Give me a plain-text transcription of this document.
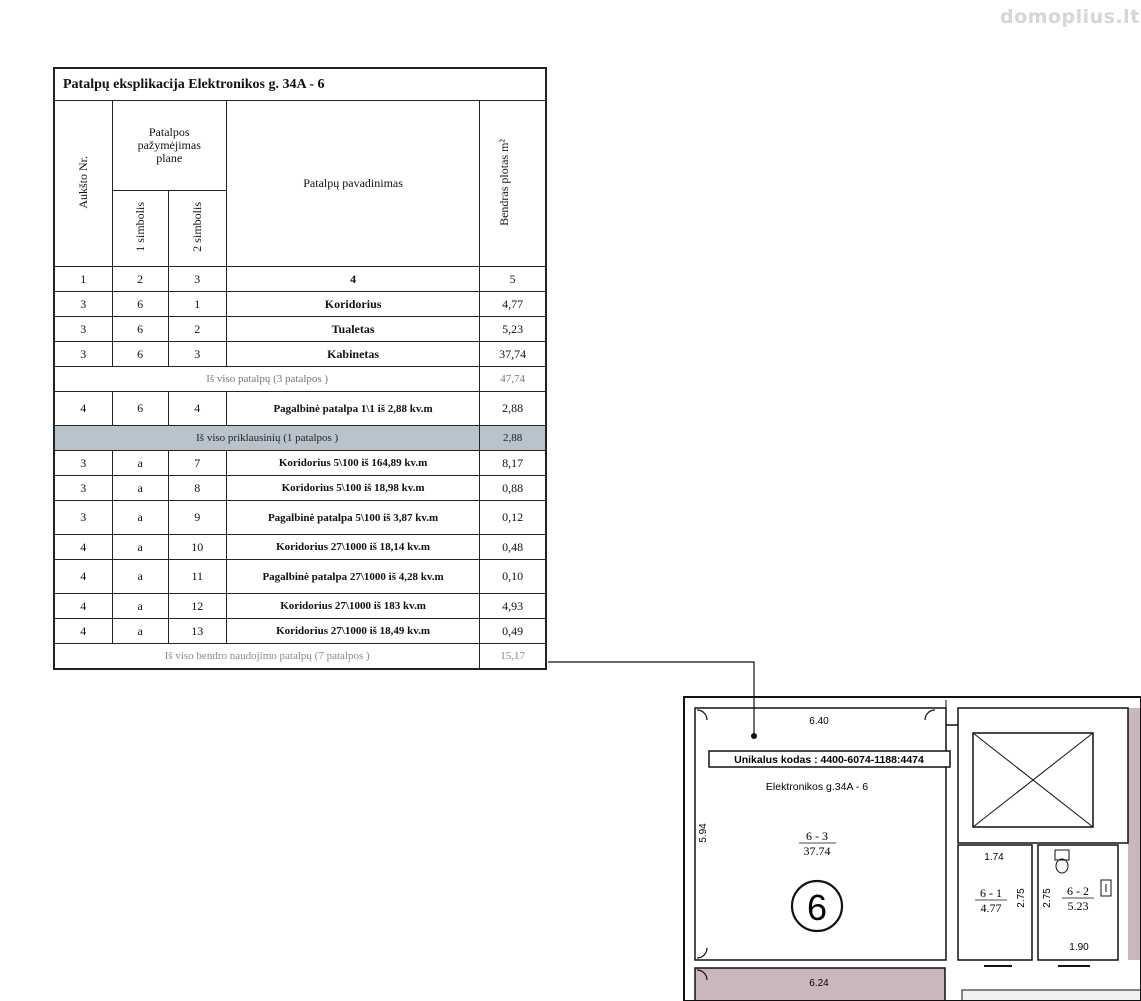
domoplius.lt
Patalpų eksplikacija Elektronikos g. 34A - 6				
Aukšto Nr.	Patalpos pažymėjimas plane		Patalpų pavadinimas	Bendras plotas m²
	1 simbolis	2 simbolis		
1	2	3	4	5
3	6	1	Koridorius	4,77
3	6	2	Tualetas	5,23
3	6	3	Kabinetas	37,74
Iš viso patalpų (3 patalpos )				47,74
4	6	4	Pagalbinė patalpa 1\1 iš 2,88 kv.m	2,88
Iš viso priklausinių (1 patalpos )				2,88
3	a	7	Koridorius 5\100 iš 164,89 kv.m	8,17
3	a	8	Koridorius 5\100 iš 18,98 kv.m	0,88
3	a	9	Pagalbinė patalpa 5\100 iš 3,87 kv.m	0,12
4	a	10	Koridorius 27\1000 iš 18,14 kv.m	0,48
4	a	11	Pagalbinė patalpa 27\1000 iš 4,28 kv.m	0,10
4	a	12	Koridorius 27\1000 iš 183 kv.m	4,93
4	a	13	Koridorius 27\1000 iš 18,49 kv.m	0,49
Iš viso bendro naudojimo patalpų (7 patalpos )				15,17
Unikalus kodas : 4400-6074-1188:4474
Elektronikos g.34A - 6
6.40
5.94
1.74
2.75 2.75
1.90
6.24
6 - 3
37.74
6	6 - 1
4.77
6 - 2
5.23
